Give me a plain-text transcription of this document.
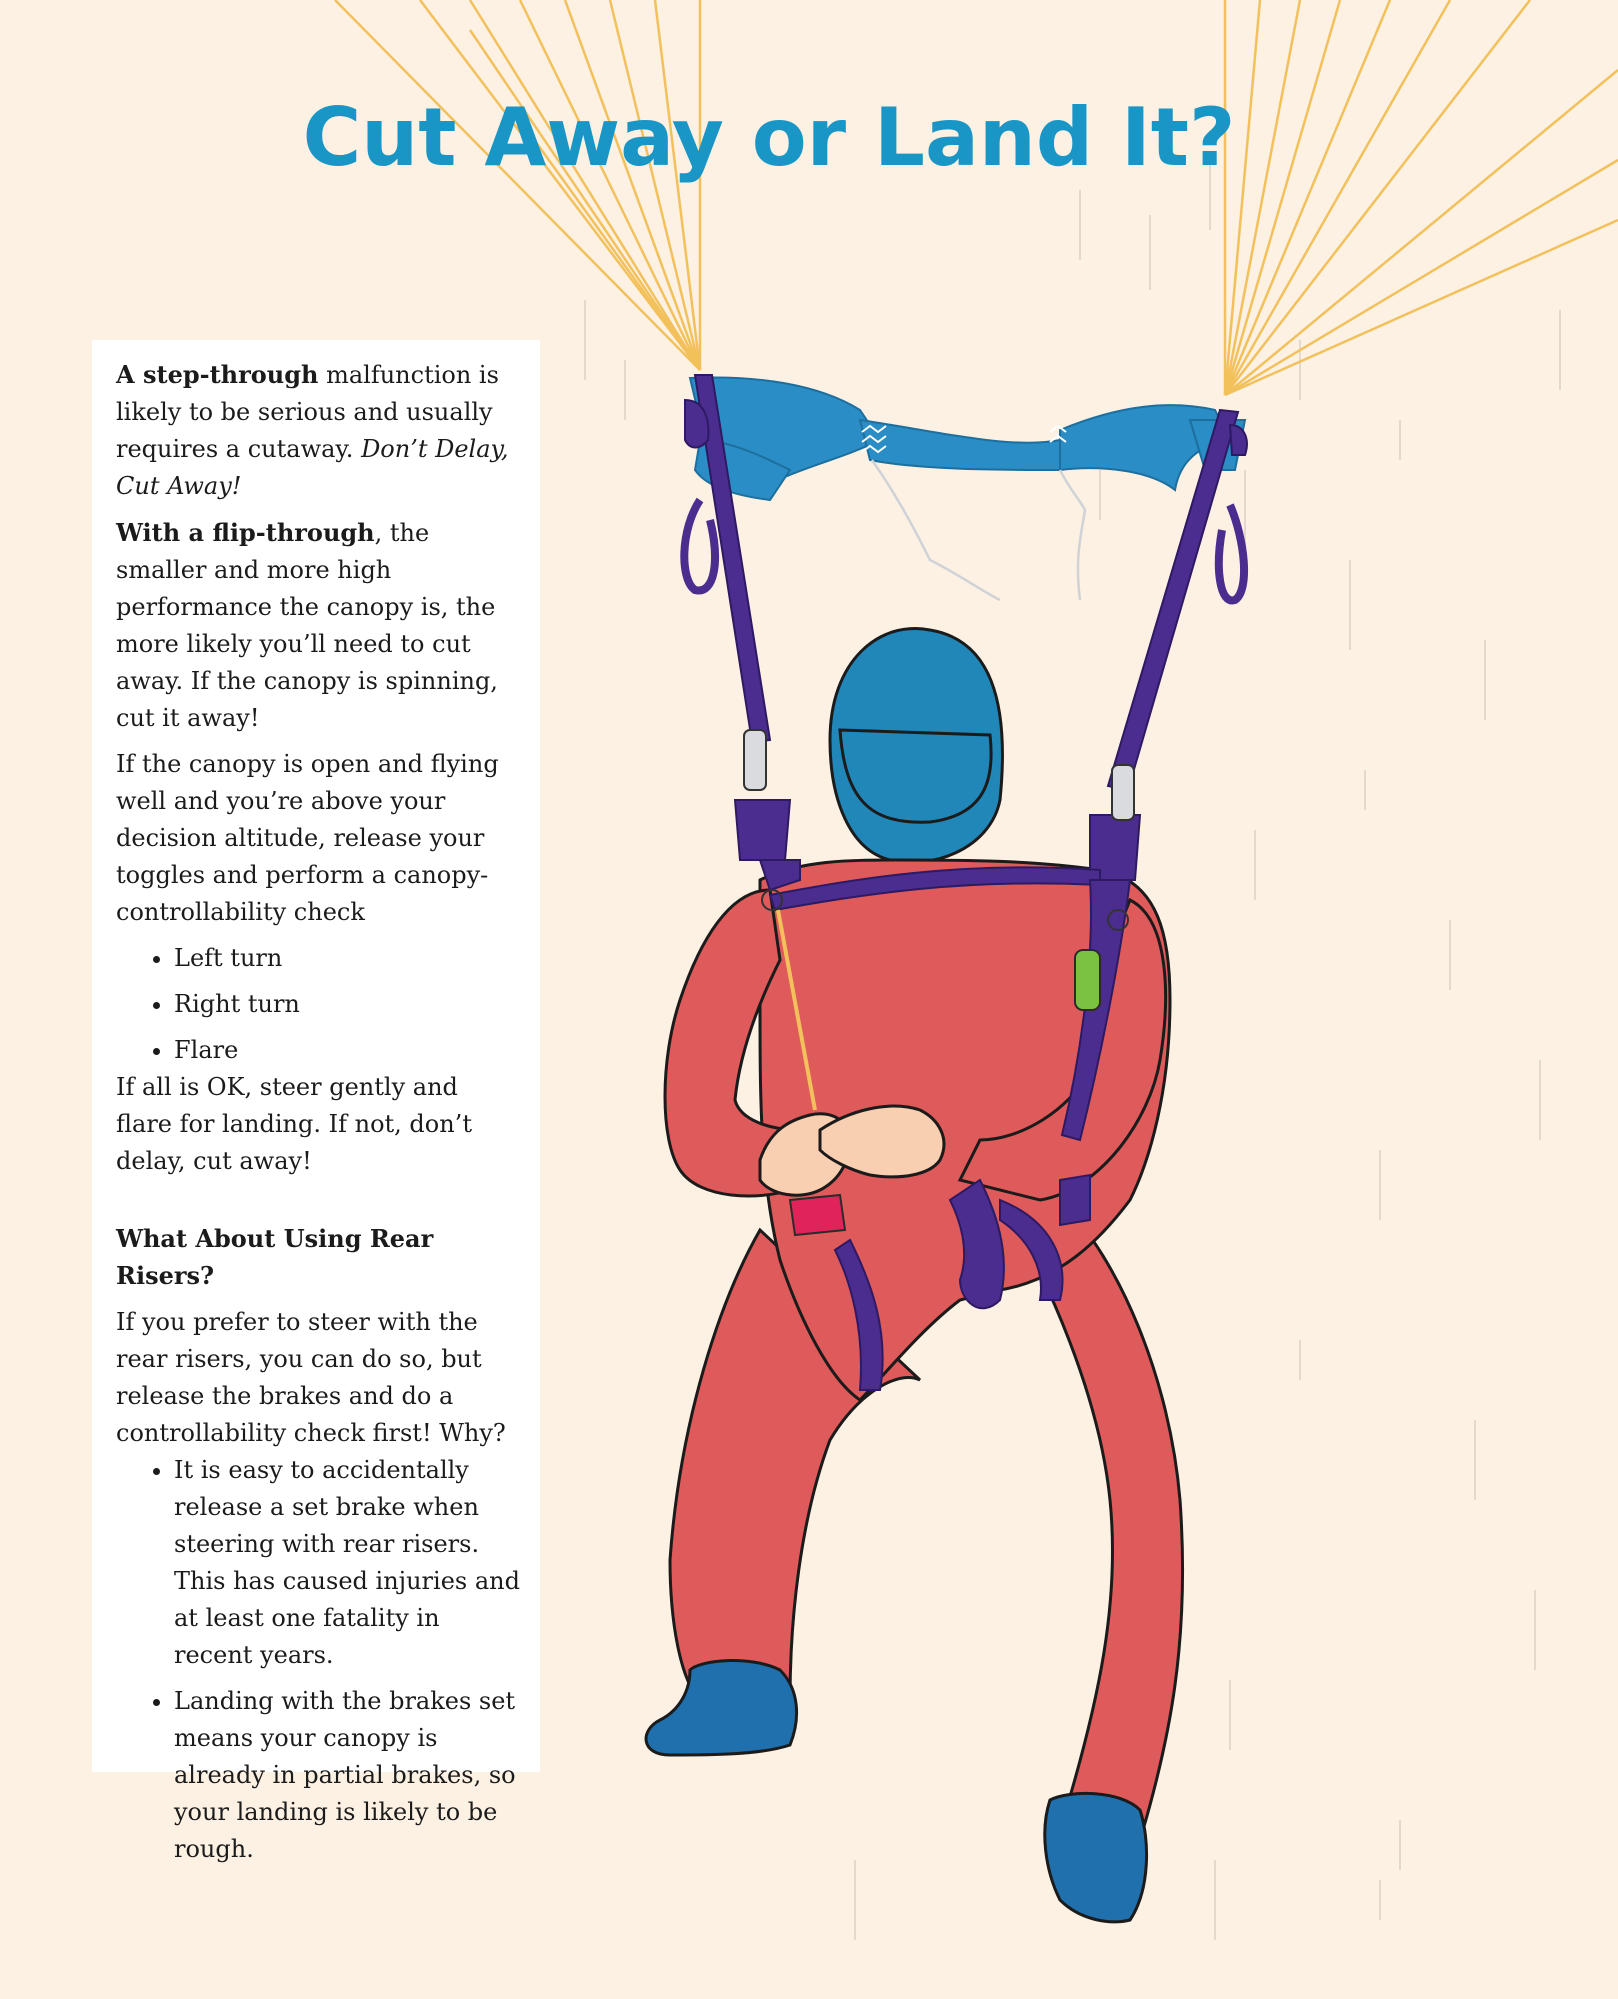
Cut Away or Land It?

A step-through malfunction is likely to be serious and usually requires a cutaway. Don’t Delay, Cut Away!

With a flip-through, the smaller and more high performance the canopy is, the more likely you’ll need to cut away. If the canopy is spinning, cut it away!

If the canopy is open and flying well and you’re above your decision altitude, release your toggles and perform a canopy-controllability check

• Left turn
• Right turn
• Flare

If all is OK, steer gently and flare for landing. If not, don’t delay, cut away!

What About Using Rear Risers?

If you prefer to steer with the rear risers, you can do so, but release the brakes and do a controllability check first! Why?

• It is easy to accidentally release a set brake when steering with rear risers. This has caused injuries and at least one fatality in recent years.
• Landing with the brakes set means your canopy is already in partial brakes, so your landing is likely to be rough.
